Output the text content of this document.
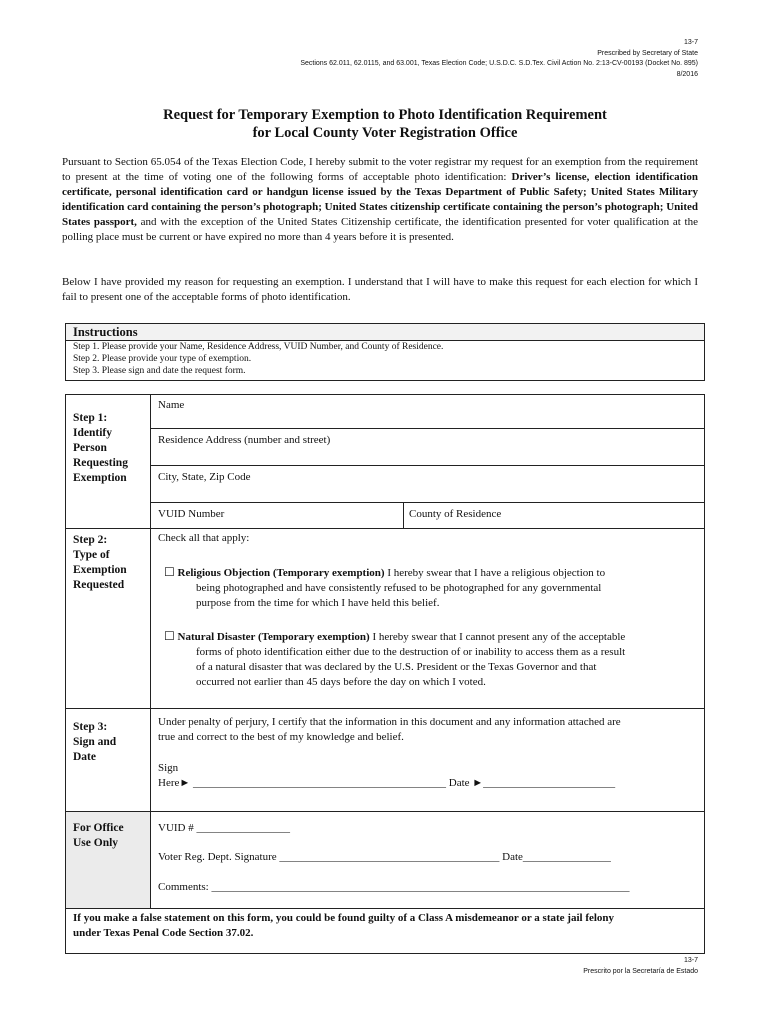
13-7
Prescribed by Secretary of State
Sections 62.011, 62.0115, and 63.001, Texas Election Code; U.S.D.C. S.D.Tex. Civil Action No. 2:13-CV-00193 (Docket No. 895)
8/2016
Request for Temporary Exemption to Photo Identification Requirement
for Local County Voter Registration Office
Pursuant to Section 65.054 of the Texas Election Code, I hereby submit to the voter registrar my request for an exemption from the requirement to present at the time of voting one of the following forms of acceptable photo identification: Driver’s license, election identification certificate, personal identification card or handgun license issued by the Texas Department of Public Safety; United States Military identification card containing the person’s photograph; United States citizenship certificate containing the person’s photograph; United States passport, and with the exception of the United States Citizenship certificate, the identification presented for voter qualification at the polling place must be current or have expired no more than 4 years before it is presented.
Below I have provided my reason for requesting an exemption. I understand that I will have to make this request for each election for which I fail to present one of the acceptable forms of photo identification.
Instructions
Step 1. Please provide your Name, Residence Address, VUID Number, and County of Residence.
Step 2. Please provide your type of exemption.
Step 3. Please sign and date the request form.
Step 1:
Identify
Person
Requesting
Exemption
Step 2:
Type of
Exemption
Requested
Step 3:
Sign and
Date
For Office
Use Only
Name
Residence Address (number and street)
City, State, Zip Code
VUID Number	County of Residence
Check all that apply:
☐ Religious Objection (Temporary exemption) I hereby swear that I have a religious objection to
being photographed and have consistently refused to be photographed for any governmental
purpose from the time for which I have held this belief.
☐ Natural Disaster (Temporary exemption) I hereby swear that I cannot present any of the acceptable
forms of photo identification either due to the destruction of or inability to access them as a result
of a natural disaster that was declared by the U.S. President or the Texas Governor and that
occurred not earlier than 45 days before the day on which I voted.
Under penalty of perjury, I certify that the information in this document and any information attached are
true and correct to the best of my knowledge and belief.
Sign
Here► ______________________________________________ Date ►________________________
VUID # _________________
Voter Reg. Dept. Signature ________________________________________ Date________________
Comments: ____________________________________________________________________________
If you make a false statement on this form, you could be found guilty of a Class A misdemeanor or a state jail felony
under Texas Penal Code Section 37.02.
13-7
Prescrito por la Secretaría de Estado
